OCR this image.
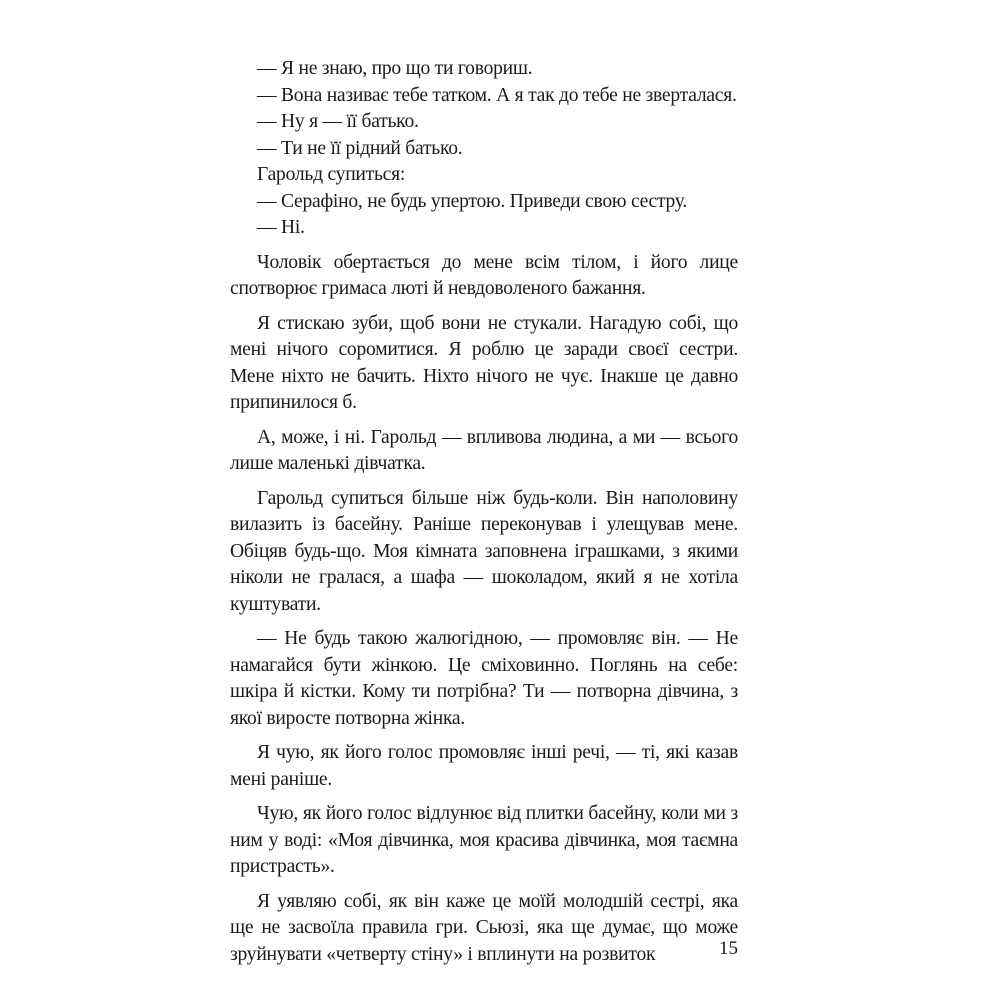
— Я не знаю, про що ти говориш.

— Вона називає тебе татком. А я так до тебе не зверталася.

— Ну я — її батько.

— Ти не її рідний батько.

Гарольд супиться:

— Серафіно, не будь упертою. Приведи свою сестру.

— Ні.

Чоловік обертається до мене всім тілом, і його лице спотворює гримаса люті й невдоволеного бажання.

Я стискаю зуби, щоб вони не стукали. Нагадую собі, що мені нічого соромитися. Я роблю це заради своєї сестри. Мене ніхто не бачить. Ніхто нічого не чує. Інакше це давно припинилося б.

А, може, і ні. Гарольд — впливова людина, а ми — всього лише маленькі дівчатка.

Гарольд супиться більше ніж будь-коли. Він наполовину вилазить із басейну. Раніше переконував і улещував мене. Обіцяв будь-що. Моя кімната заповнена іграшками, з якими ніколи не гралася, а шафа — шоколадом, який я не хотіла куштувати.

— Не будь такою жалюгідною, — промовляє він. — Не намагайся бути жінкою. Це сміховинно. Поглянь на себе: шкіра й кістки. Кому ти потрібна? Ти — потворна дівчина, з якої виросте потворна жінка.

Я чую, як його голос промовляє інші речі, — ті, які казав мені раніше.

Чую, як його голос відлунює від плитки басейну, коли ми з ним у воді: «Моя дівчинка, моя красива дівчинка, моя таємна пристрасть».

Я уявляю собі, як він каже це моїй молодшій сестрі, яка ще не засвоїла правила гри. Сьюзі, яка ще думає, що може зруйнувати «четверту стіну» і вплинути на розвиток	15
